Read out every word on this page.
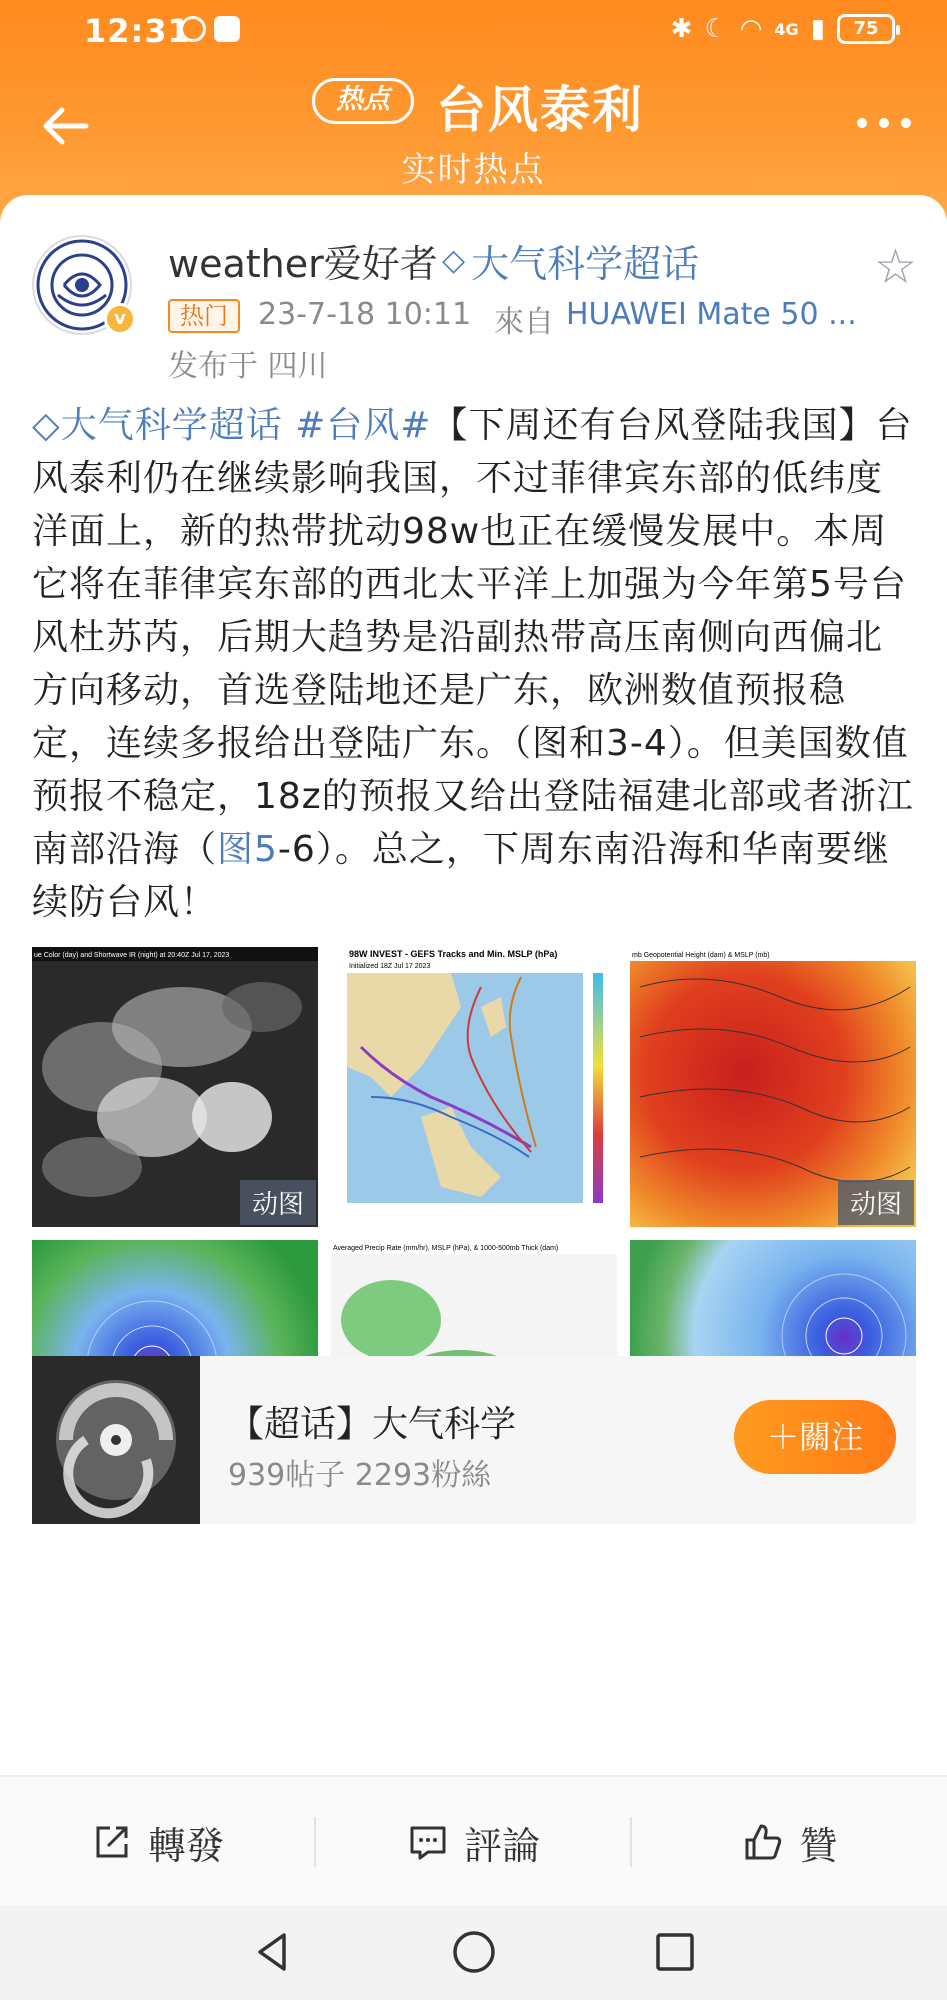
12:31	✱ ☾ ◠ 4G ▮	75
热点 台风泰利
实时热点
v
weather爱好者 ◇ 大气科学超话	☆
热门	23-7-18 10:11 來自 HUAWEI Mate 50 ...
发布于 四川
◇大气科学超话 #台风#【下周还有台风登陆我国】台风泰利仍在继续影响我国，不过菲律宾东部的低纬度洋面上，新的热带扰动98w也正在缓慢发展中。本周它将在菲律宾东部的西北太平洋上加强为今年第5号台风杜苏芮，后期大趋势是沿副热带高压南侧向西偏北方向移动，首选登陆地还是广东，欧洲数值预报稳定，连续多报给出登陆广东。（图和3-4）。但美国数值预报不稳定，18z的预报又给出登陆福建北部或者浙江南部沿海（图5-6）。总之，下周东南沿海和华南要继续防台风！
ue Color (day) and Shortwave IR (night) at 20:40Z Jul 17, 2023
动图
98W INVEST - GEFS Tracks and Min. MSLP (hPa)
Initialized 18Z Jul 17 2023
mb Geopotential Height (dam) & MSLP (mb)
动图
Averaged Precip Rate (mm/hr), MSLP (hPa), & 1000-500mb Thick (dam)
【超话】大气科学
939帖子 2293粉絲
＋關注
轉發	評論	贊
